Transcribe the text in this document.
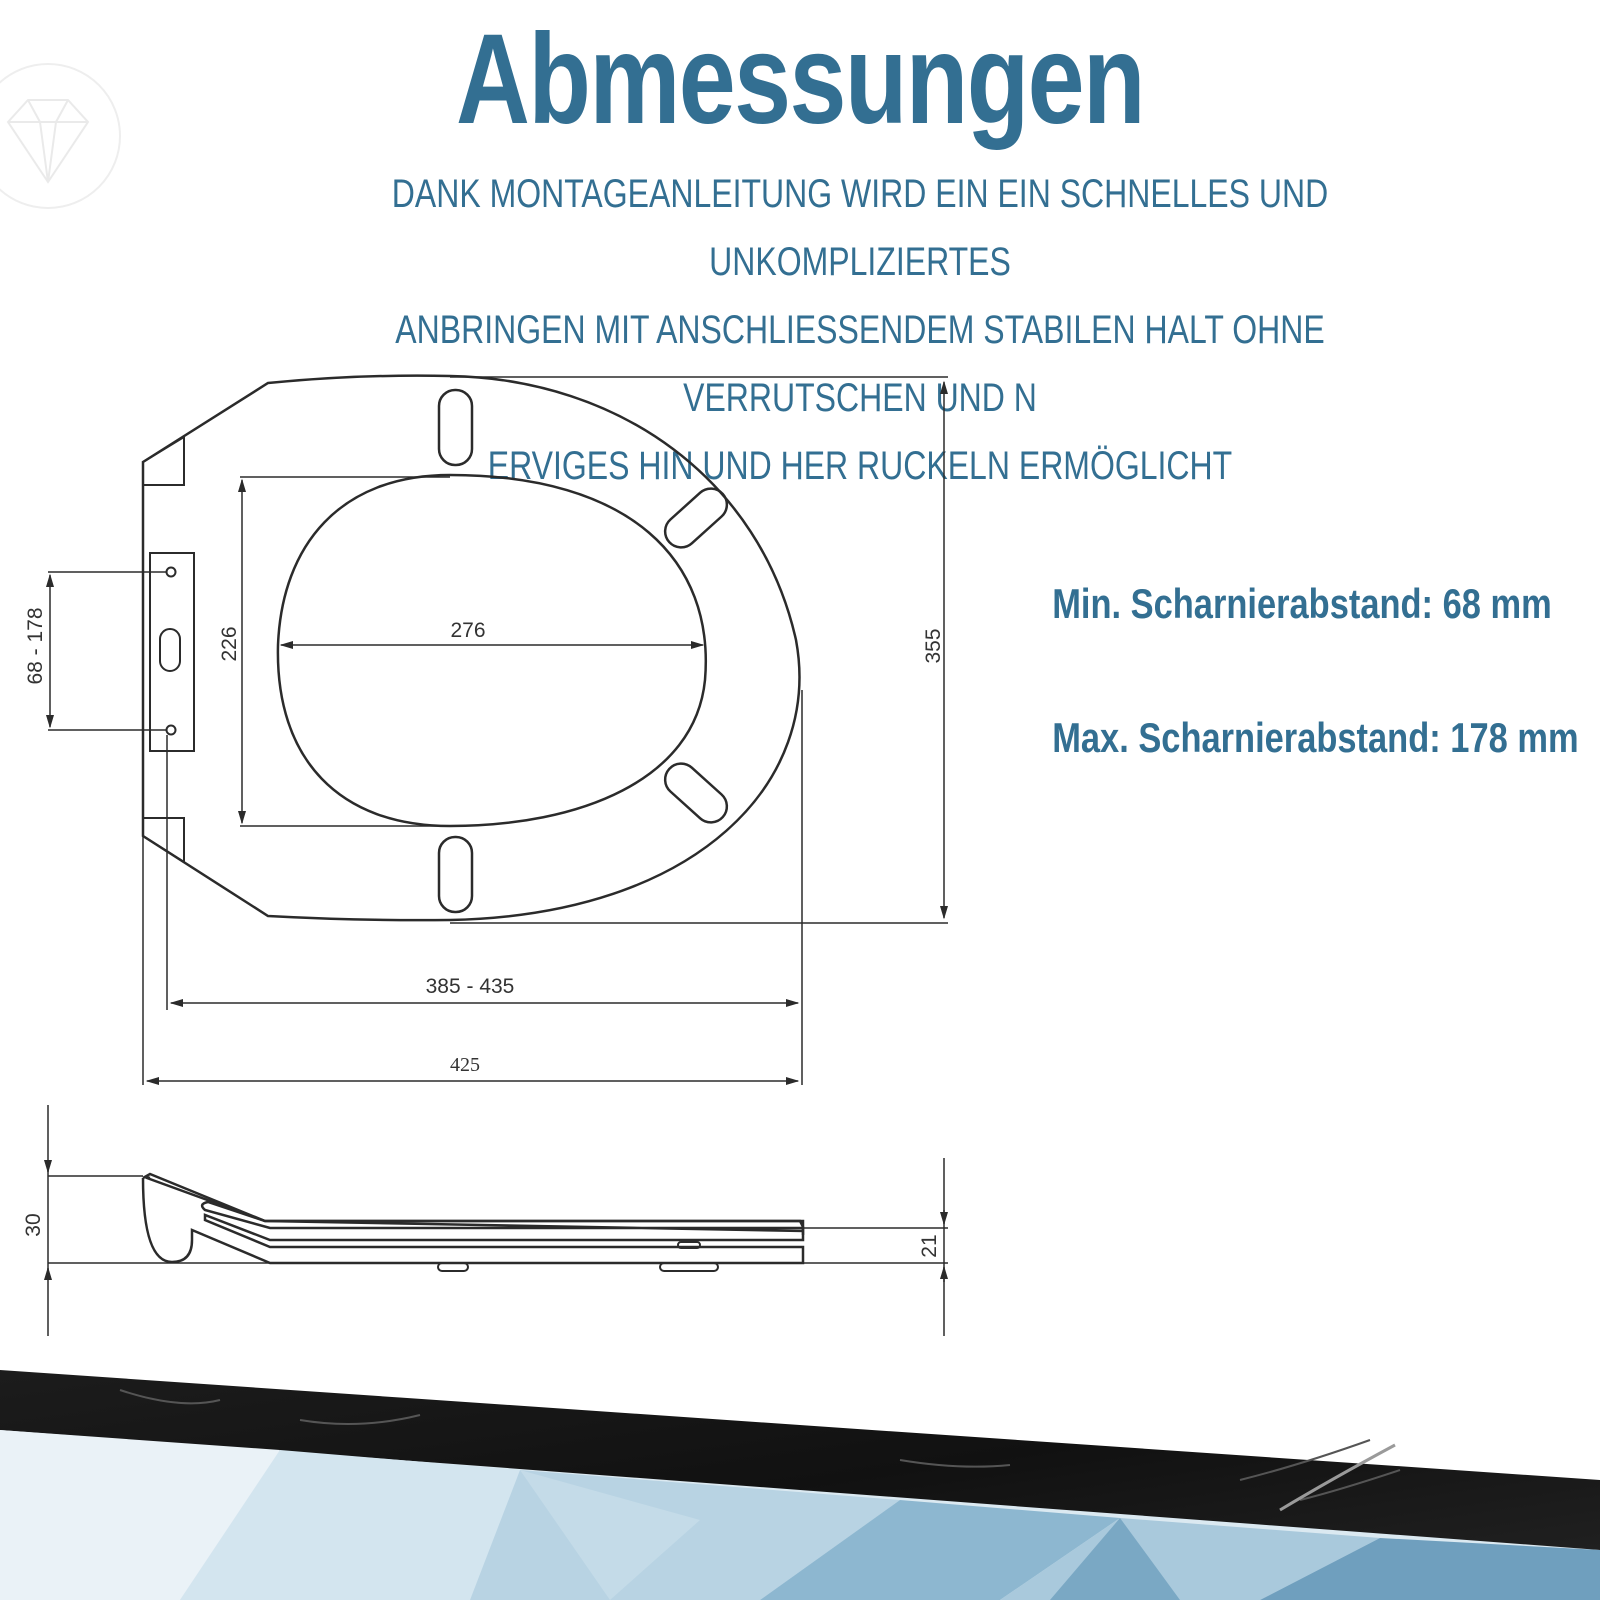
Abmessungen
DANK MONTAGEANLEITUNG WIRD EIN EIN SCHNELLES UND UNKOMPLIZIERTES
ANBRINGEN MIT ANSCHLIESSENDEM STABILEN HALT OHNE VERRUTSCHEN UND N
ERVIGES HIN UND HER RUCKELN ERMÖGLICHT
Min. Scharnierabstand: 68 mm
Max. Scharnierabstand: 178 mm
355
226	276
68 - 178
385 - 435
425
30
21
